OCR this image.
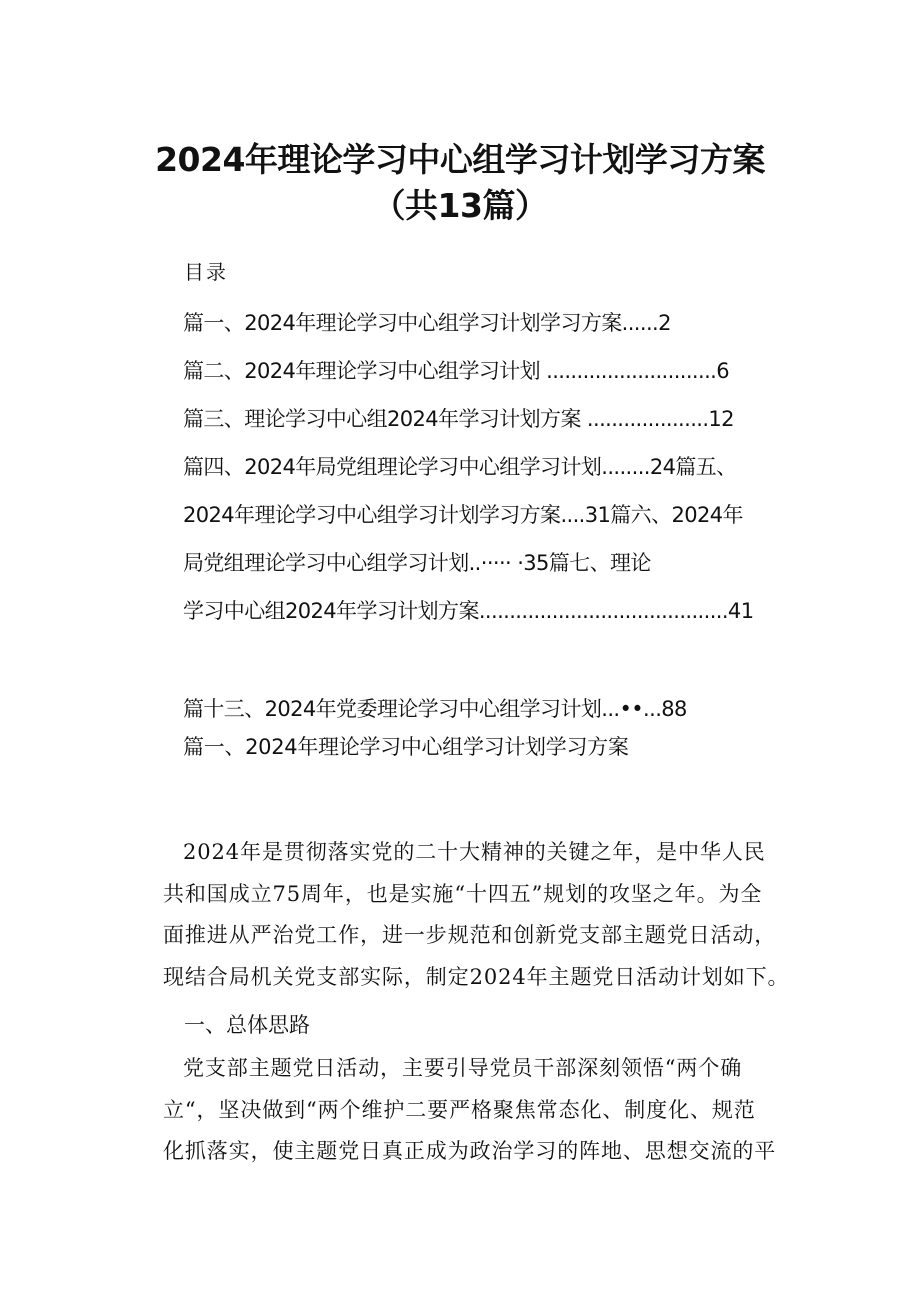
2024年理论学习中心组学习计划学习方案
（共13篇）
目录
篇一、2024年理论学习中心组学习计划学习方案......2
篇二、2024年理论学习中心组学习计划 ............................6
篇三、理论学习中心组2024年学习计划方案 ....................12
篇四、2024年局党组理论学习中心组学习计划........24篇五、
2024年理论学习中心组学习计划学习方案....31篇六、2024年
局党组理论学习中心组学习计划..····· ·35篇七、理论
学习中心组2024年学习计划方案.........................................41
篇十三、2024年党委理论学习中心组学习计划...••...88
篇一、2024年理论学习中心组学习计划学习方案
2024年是贯彻落实党的二十大精神的关键之年，是中华人民
共和国成立75周年，也是实施“十四五”规划的攻坚之年。为全
面推进从严治党工作，进一步规范和创新党支部主题党日活动，
现结合局机关党支部实际，制定2024年主题党日活动计划如下。
一、总体思路
党支部主题党日活动，主要引导党员干部深刻领悟“两个确
立“，坚决做到“两个维护二要严格聚焦常态化、制度化、规范
化抓落实，使主题党日真正成为政治学习的阵地、思想交流的平
